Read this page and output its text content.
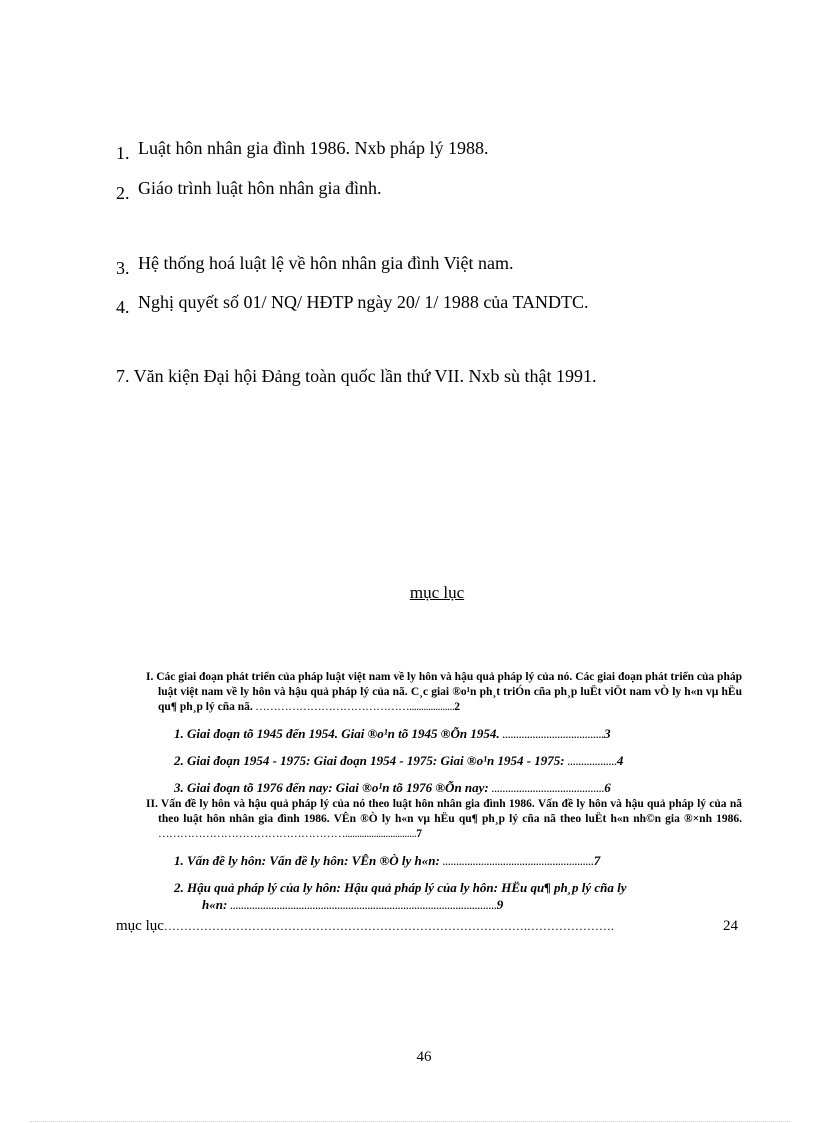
1. Luật hôn nhân gia đình 1986. Nxb pháp lý 1988.
2. Giáo trình luật hôn nhân gia đình.
3. Hệ thống hoá luật lệ về hôn nhân gia đình Việt nam.
4. Nghị quyết số 01/ NQ/ HĐTP ngày 20/ 1/ 1988 của TANDTC.
7. Văn kiện Đại hội Đảng toàn quốc lần thứ VII. Nxb sù thật 1991.
mục lục
I. Các giai đoạn phát triển của pháp luật việt nam về ly hôn và hậu quả pháp lý của nó. Các giai đoạn phát triển của pháp luật việt nam về ly hôn và hậu quả pháp lý của nã. C¸c giai ®o¹n ph¸t triÓn cña ph¸p luËt viÖt nam vÒ ly h«n vµ hËu qu¶ ph¸p lý cña nã. ……………………………………...................2
1. Giai đoạn tõ 1945 đến 1954. Giai ®o¹n tõ 1945 ®Õn 1954. .....................................3
2. Giai đoạn 1954 - 1975: Giai đoạn 1954 - 1975: Giai ®o¹n 1954 - 1975: ..................4
3. Giai đoạn tõ 1976 đến nay: Giai ®o¹n tõ 1976 ®Õn nay: .........................................6
II. Vấn đề ly hôn và hậu quả pháp lý của nó theo luật hôn nhân gia đình 1986. Vấn đề ly hôn và hậu quả pháp lý của nã theo luật hôn nhân gia đình 1986. VÊn ®Ò ly h«n vµ hËu qu¶ ph¸p lý cña nã theo luËt h«n nh©n gia ®×nh 1986. ……………………………………………..............................7
1. Vấn đề ly hôn: Vấn đề ly hôn: VÊn ®Ò ly h«n: .......................................................7
2. Hậu quả pháp lý của ly hôn: Hậu quả pháp lý của ly hôn: HËu qu¶ ph¸p lý cña ly
h«n: .................................................................................................9
mục lục……………………………………………………………………………….………………….	24
46
